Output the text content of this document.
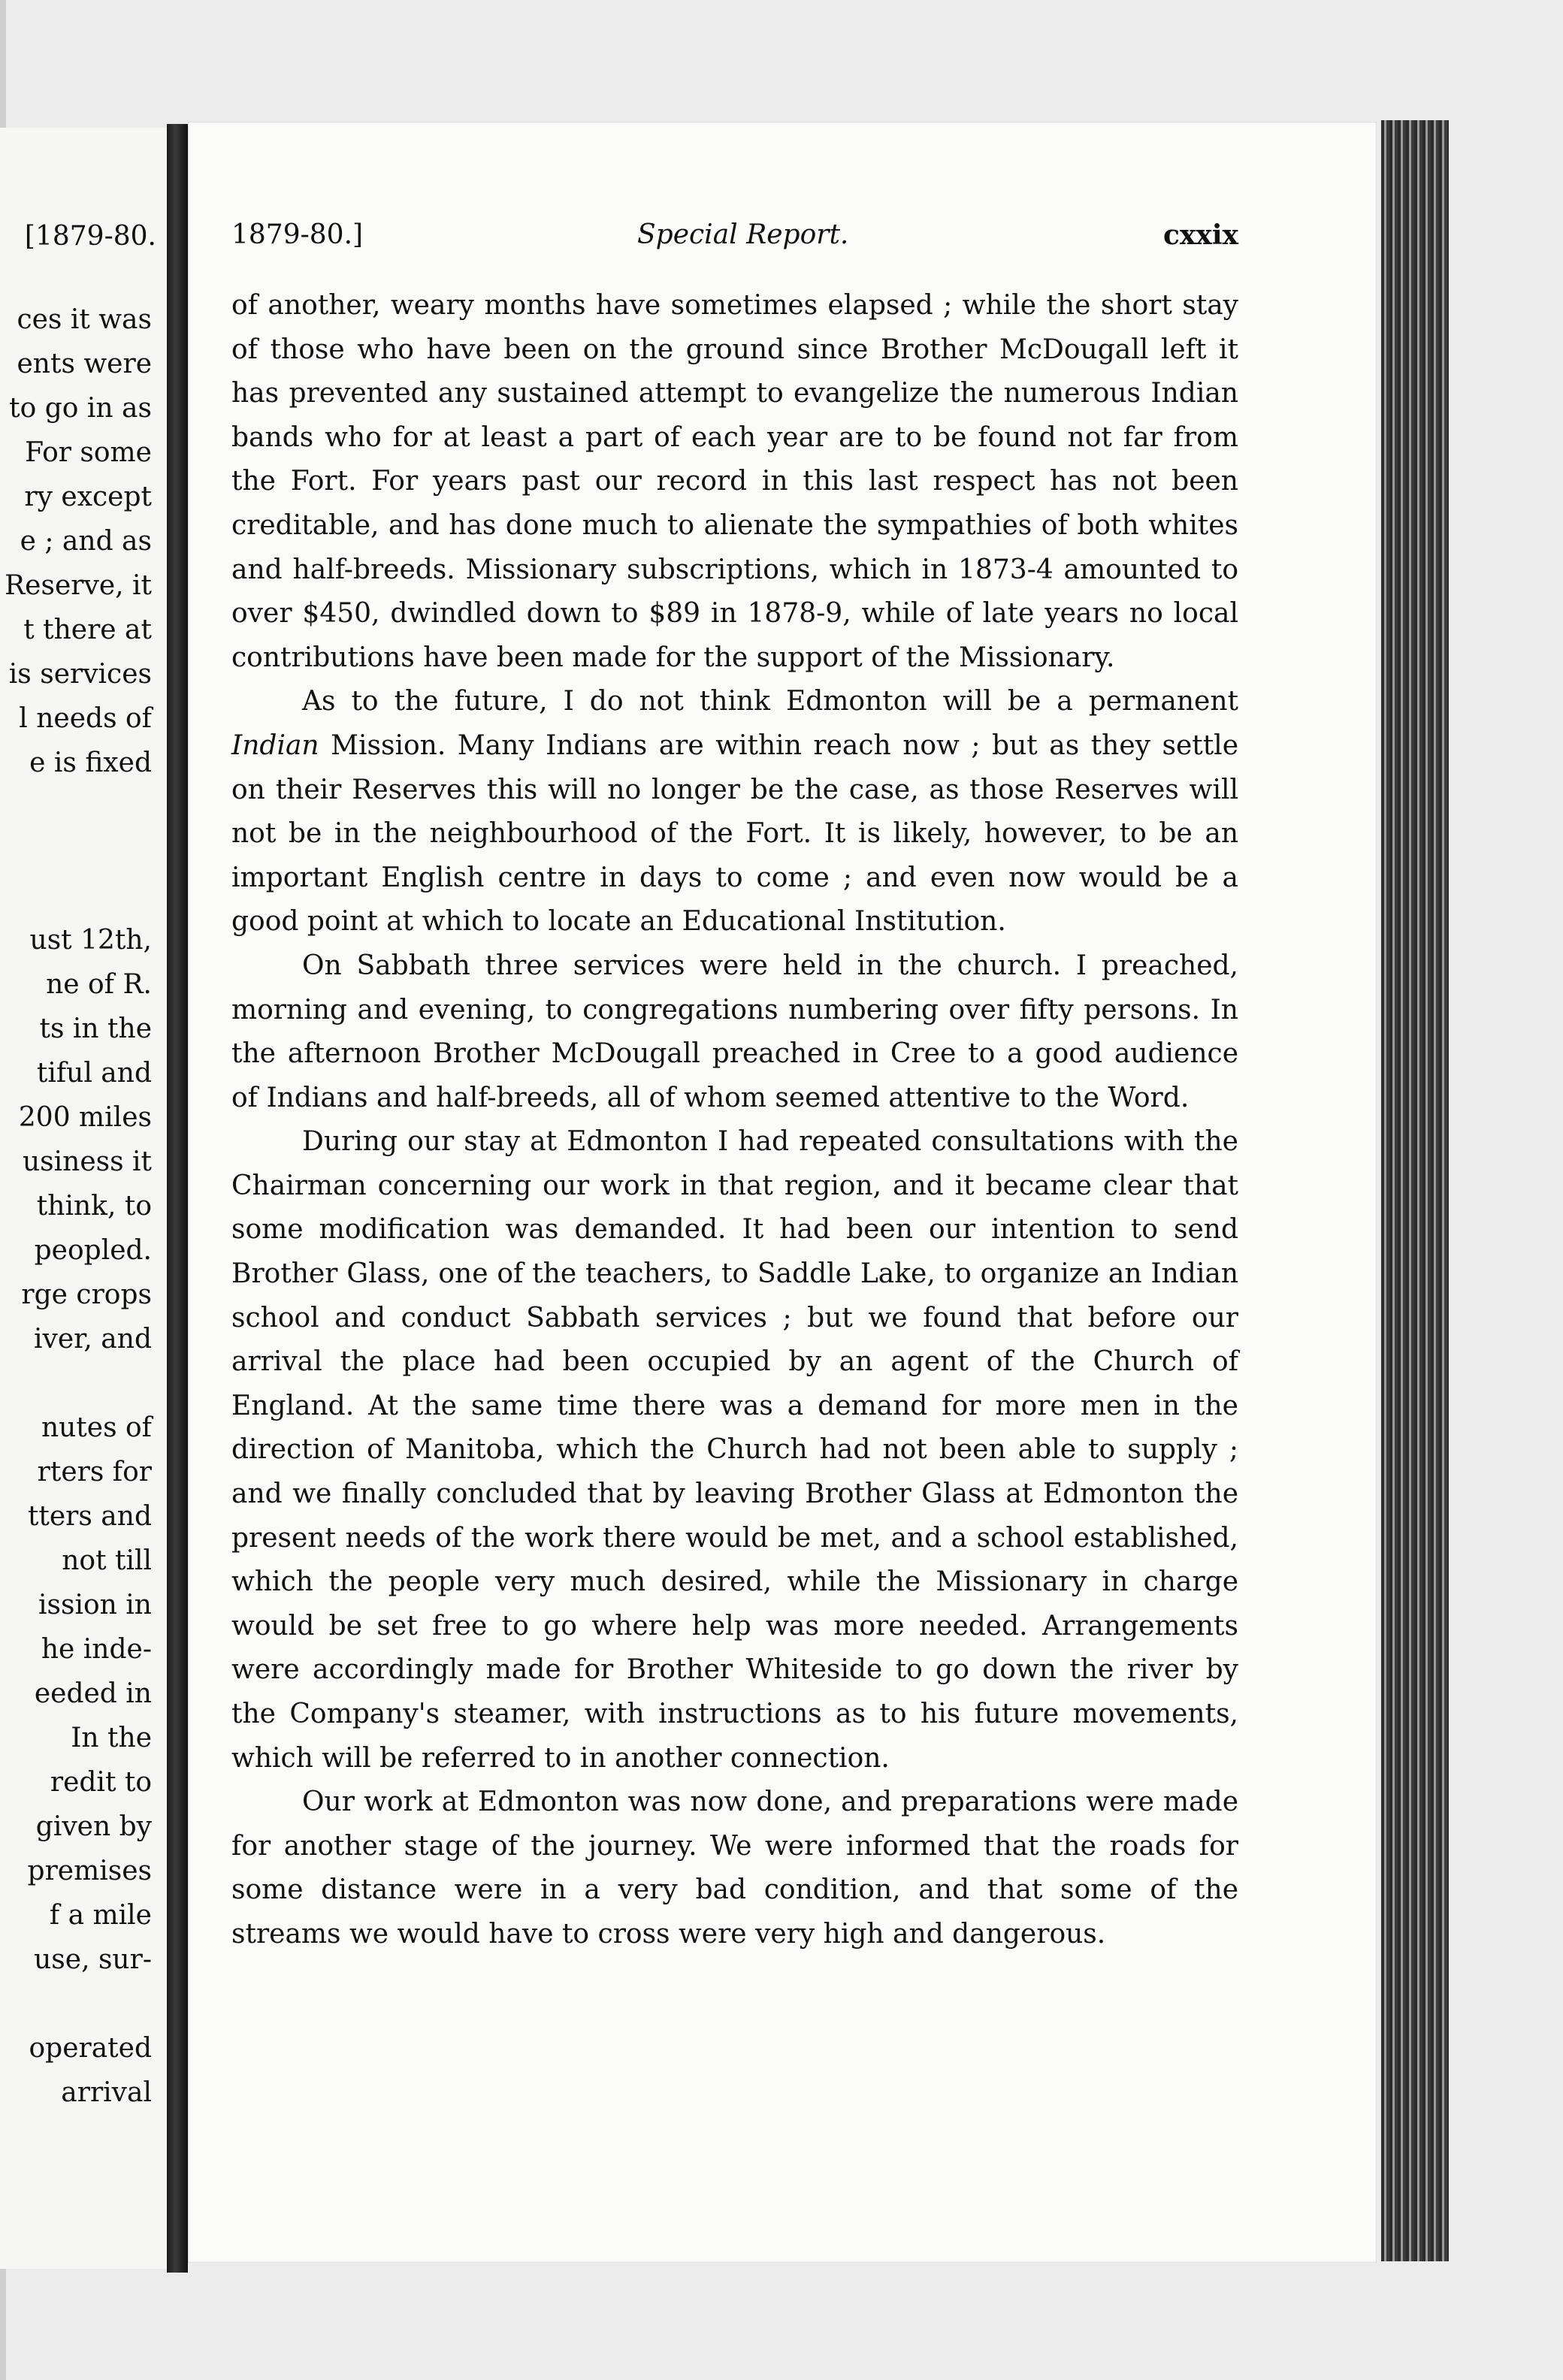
[1879-80.
ces it was
ents were
to go in as
For some
ry except
e ; and as
Reserve, it
t there at
is services
l needs of
e is fixed

ust 12th,
ne of R.
ts in the
tiful and
200 miles
usiness it
think, to
peopled.
rge crops
iver, and

nutes of
rters for
tters and
not till
ission in
he inde-
eeded in
In the
redit to
given by
premises
f a mile
use, sur-

operated
arrival
1879-80.]	Special Report.	cxxix

of another, weary months have sometimes elapsed ; while the short stay of those who have been on the ground since Brother McDougall left it has prevented any sustained attempt to evangelize the numerous Indian bands who for at least a part of each year are to be found not far from the Fort. For years past our record in this last respect has not been creditable, and has done much to alienate the sympathies of both whites and half-breeds. Missionary subscriptions, which in 1873-4 amounted to over $450, dwindled down to $89 in 1878-9, while of late years no local contributions have been made for the support of the Missionary.

As to the future, I do not think Edmonton will be a permanent Indian Mission. Many Indians are within reach now ; but as they settle on their Reserves this will no longer be the case, as those Reserves will not be in the neighbourhood of the Fort. It is likely, however, to be an important English centre in days to come ; and even now would be a good point at which to locate an Educational Institution.

On Sabbath three services were held in the church. I preached, morning and evening, to congregations numbering over fifty persons. In the afternoon Brother McDougall preached in Cree to a good audience of Indians and half-breeds, all of whom seemed attentive to the Word.

During our stay at Edmonton I had repeated consultations with the Chairman concerning our work in that region, and it became clear that some modification was demanded. It had been our intention to send Brother Glass, one of the teachers, to Saddle Lake, to organize an Indian school and conduct Sabbath services ; but we found that before our arrival the place had been occupied by an agent of the Church of England. At the same time there was a demand for more men in the direction of Manitoba, which the Church had not been able to supply ; and we finally concluded that by leaving Brother Glass at Edmonton the present needs of the work there would be met, and a school established, which the people very much desired, while the Missionary in charge would be set free to go where help was more needed. Arrangements were accordingly made for Brother Whiteside to go down the river by the Company's steamer, with instructions as to his future movements, which will be referred to in another connection.

Our work at Edmonton was now done, and preparations were made for another stage of the journey. We were informed that the roads for some distance were in a very bad condition, and that some of the streams we would have to cross were very high and dangerous.
